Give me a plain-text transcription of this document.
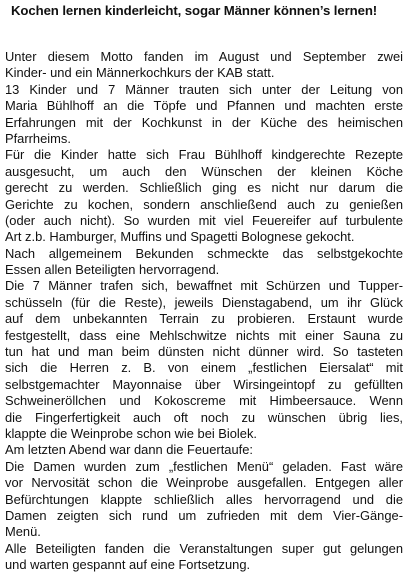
Kochen lernen kinderleicht, sogar Männer können’s lernen!
Unter diesem Motto fanden im August und September zwei
Kinder- und ein Männerkochkurs der KAB statt.
13 Kinder und 7 Männer trauten sich unter der Leitung von
Maria Bühlhoff an die Töpfe und Pfannen und machten erste
Erfahrungen mit der Kochkunst in der Küche des heimischen
Pfarrheims.
Für die Kinder hatte sich Frau Bühlhoff kindgerechte Rezepte
ausgesucht, um auch den Wünschen der kleinen Köche
gerecht zu werden. Schließlich ging es nicht nur darum die
Gerichte zu kochen, sondern anschließend auch zu genießen
(oder auch nicht). So wurden mit viel Feuereifer auf turbulente
Art z.b. Hamburger, Muffins und Spagetti Bolognese gekocht.
Nach allgemeinem Bekunden schmeckte das selbstgekochte
Essen allen Beteiligten hervorragend.
Die 7 Männer trafen sich, bewaffnet mit Schürzen und Tupper-
schüsseln (für die Reste), jeweils Dienstagabend, um ihr Glück
auf dem unbekannten Terrain zu probieren. Erstaunt wurde
festgestellt, dass eine Mehlschwitze nichts mit einer Sauna zu
tun hat und man beim dünsten nicht dünner wird. So tasteten
sich die Herren z. B. von einem „festlichen Eiersalat“ mit
selbstgemachter Mayonnaise über Wirsingeintopf zu gefüllten
Schweineröllchen und Kokoscreme mit Himbeersauce. Wenn
die Fingerfertigkeit auch oft noch zu wünschen übrig lies,
klappte die Weinprobe schon wie bei Biolek.
Am letzten Abend war dann die Feuertaufe:
Die Damen wurden zum „festlichen Menü“ geladen. Fast wäre
vor Nervosität schon die Weinprobe ausgefallen. Entgegen aller
Befürchtungen klappte schließlich alles hervorragend und die
Damen zeigten sich rund um zufrieden mit dem Vier-Gänge-
Menü.
Alle Beteiligten fanden die Veranstaltungen super gut gelungen
und warten gespannt auf eine Fortsetzung.
